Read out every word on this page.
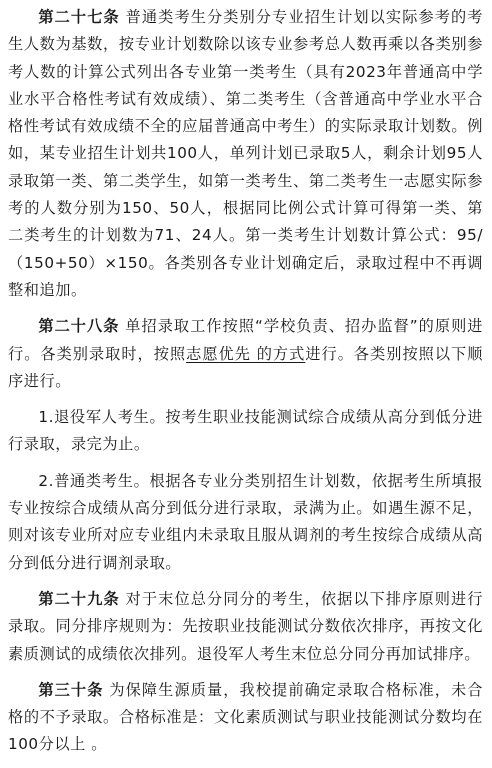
第二十七条 普通类考生分类别分专业招生计划以实际参考的考生人数为基数，按专业计划数除以该专业参考总人数再乘以各类别参考人数的计算公式列出各专业第一类考生（具有2023年普通高中学业水平合格性考试有效成绩）、第二类考生（含普通高中学业水平合格性考试有效成绩不全的应届普通高中考生）的实际录取计划数。例如，某专业招生计划共100人，单列计划已录取5人，剩余计划95人录取第一类、第二类学生，如第一类考生、第二类考生一志愿实际参考的人数分别为150、50人，根据同比例公式计算可得第一类、第二类考生的计划数为71、24人。第一类考生计划数计算公式：95/（150+50）×150。各类别各专业计划确定后，录取过程中不再调整和追加。

第二十八条 单招录取工作按照“学校负责、招办监督”的原则进行。各类别录取时，按照志愿优先 的方式进行。各类别按照以下顺序进行。

1.退役军人考生。按考生职业技能测试综合成绩从高分到低分进行录取，录完为止。

2.普通类考生。根据各专业分类别招生计划数，依据考生所填报专业按综合成绩从高分到低分进行录取，录满为止。如遇生源不足，则对该专业所对应专业组内未录取且服从调剂的考生按综合成绩从高分到低分进行调剂录取。

第二十九条 对于末位总分同分的考生，依据以下排序原则进行录取。同分排序规则为：先按职业技能测试分数依次排序，再按文化素质测试的成绩依次排列。退役军人考生末位总分同分再加试排序。

第三十条 为保障生源质量，我校提前确定录取合格标准，未合格的不予录取。合格标准是：文化素质测试与职业技能测试分数均在100分以上 。
